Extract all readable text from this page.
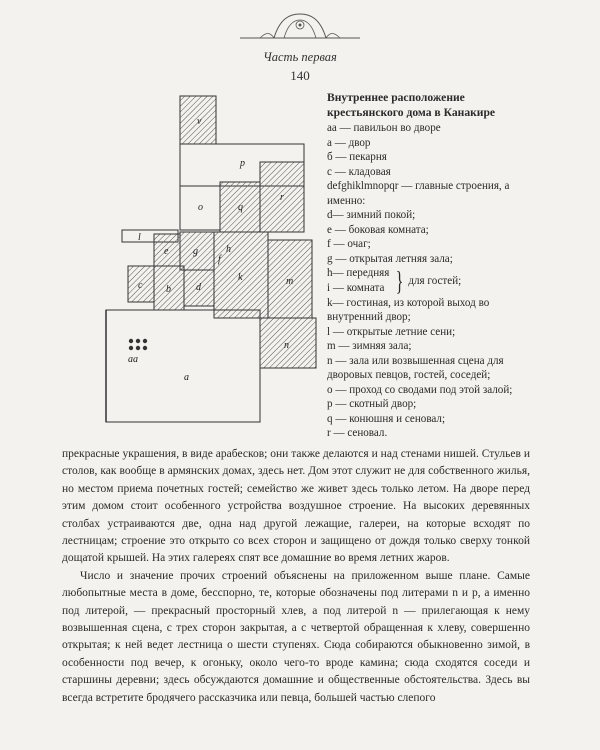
Часть первая
140
v
p
o	q
r
l
e g
k
c b	d
f
m
h
n
aa
a
Внутреннее расположение крестьянского дома в Канакире
aa — павильон во дворе
а — двор
б — пекарня
с — кладовая
defghiklmnopqr — главные строения, а именно:
d— зимний покой;
e — боковая комната;
f — очаг;
g — открытая летняя зала;
h— передняя
i — комната } для гостей;
k— гостиная, из которой выход во внутренний двор;
l — открытые летние сени;
m — зимняя зала;
n — зала или возвышенная сцена для дворовых певцов, гостей, соседей;
o — проход со сводами под этой залой;
p — скотный двор;
q — конюшня и сеновал;
r — сеновал.

прекрасные украшения, в виде арабесков; они также делаются и над стенами нишей. Стульев и столов, как вообще в армянских домах, здесь нет. Дом этот служит не для собственного жилья, но местом приема почетных гостей; семейство же живет здесь только летом. На дворе перед этим домом стоит особенного устройства воздушное строение. На высоких деревянных столбах устраиваются две, одна над другой лежащие, галереи, на которые всходят по лестницам; строение это открыто со всех сторон и защищено от дождя только сверху тонкой дощатой крышей. На этих галереях спят все домашние во время летних жаров.

Число и значение прочих строений объяснены на приложенном выше плане. Самые любопытные места в доме, бесспорно, те, которые обозначены под литерами n и p, а именно под литерой, — прекрасный просторный хлев, а под литерой n — прилегающая к нему возвышенная сцена, с трех сторон закрытая, а с четвертой обращенная к хлеву, совершенно открытая; к ней ведет лестница о шести ступенях. Сюда собираются обыкновенно зимой, в особенности под вечер, к огоньку, около чего-то вроде камина; сюда сходятся соседи и старшины деревни; здесь обсуждаются домашние и общественные обстоятельства. Здесь вы всегда встретите бродячего рассказчика или певца, большей частью слепого
